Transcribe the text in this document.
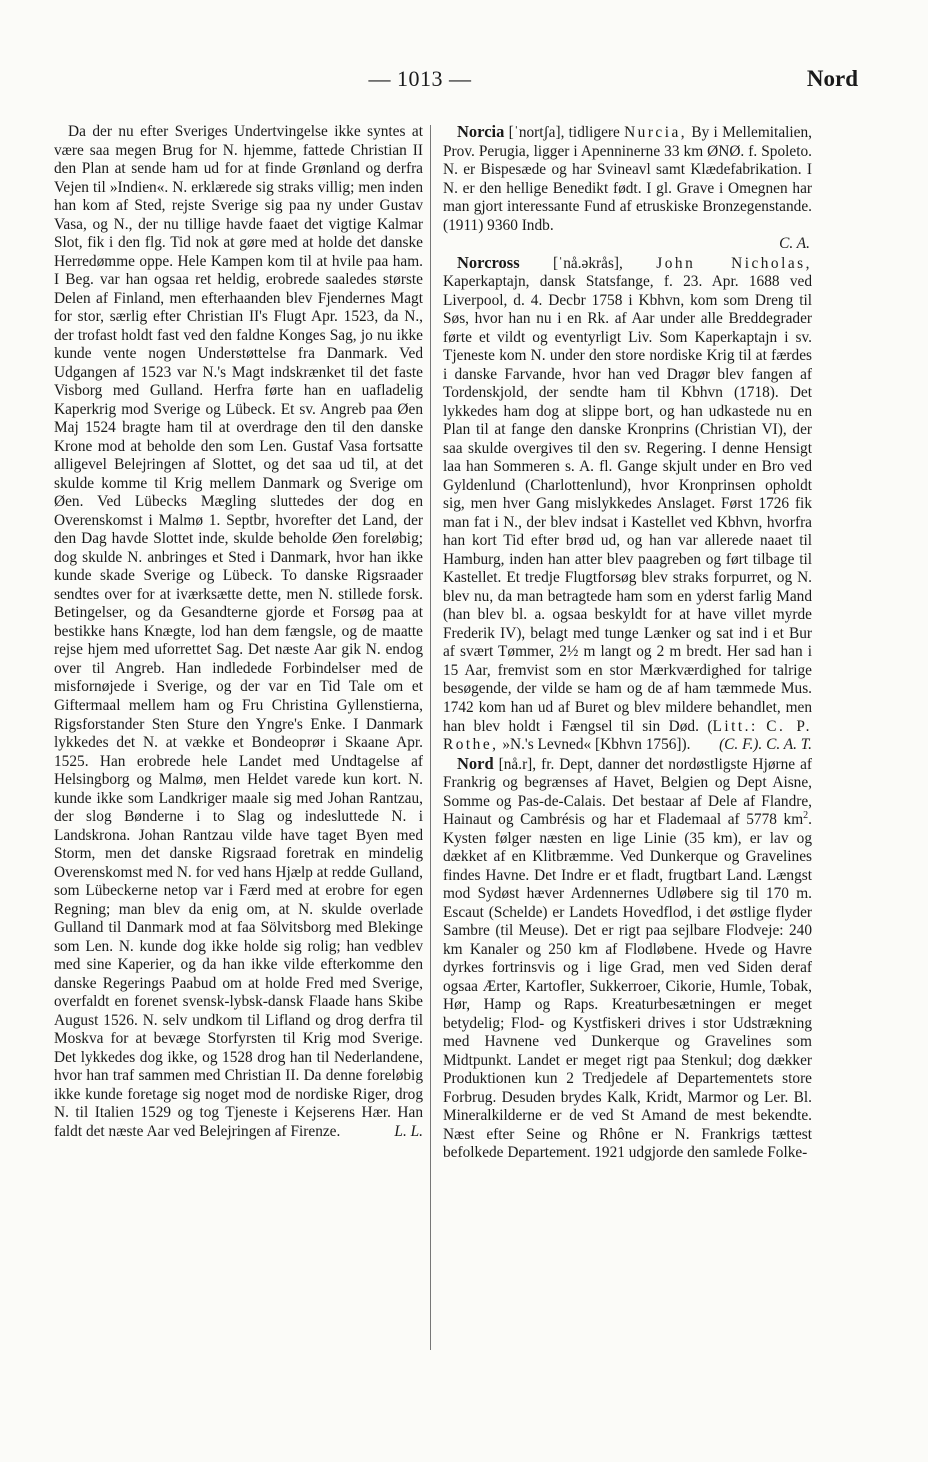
— 1013 —	Nord

Da der nu efter Sveriges Undertvingelse ikke syntes at være saa megen Brug for N. hjemme, fattede Christian II den Plan at sende ham ud for at finde Grønland og derfra Vejen til »Indien«. N. erklærede sig straks villig; men inden han kom af Sted, rejste Sverige sig paa ny under Gustav Vasa, og N., der nu tillige havde faaet det vigtige Kalmar Slot, fik i den flg. Tid nok at gøre med at holde det danske Herredømme oppe. Hele Kampen kom til at hvile paa ham. I Beg. var han ogsaa ret heldig, erobrede saaledes største Delen af Finland, men efterhaanden blev Fjendernes Magt for stor, særlig efter Christian II's Flugt Apr. 1523, da N., der trofast holdt fast ved den faldne Konges Sag, jo nu ikke kunde vente nogen Understøttelse fra Danmark. Ved Udgangen af 1523 var N.'s Magt indskrænket til det faste Visborg med Gulland. Herfra førte han en uafladelig Kaperkrig mod Sverige og Lübeck. Et sv. Angreb paa Øen Maj 1524 bragte ham til at overdrage den til den danske Krone mod at beholde den som Len. Gustaf Vasa fortsatte alligevel Belejringen af Slottet, og det saa ud til, at det skulde komme til Krig mellem Danmark og Sverige om Øen. Ved Lübecks Mægling sluttedes der dog en Overenskomst i Malmø 1. Septbr, hvorefter det Land, der den Dag havde Slottet inde, skulde beholde Øen foreløbig; dog skulde N. anbringes et Sted i Danmark, hvor han ikke kunde skade Sverige og Lübeck. To danske Rigsraader sendtes over for at iværksætte dette, men N. stillede forsk. Betingelser, og da Gesandterne gjorde et Forsøg paa at bestikke hans Knægte, lod han dem fængsle, og de maatte rejse hjem med uforrettet Sag. Det næste Aar gik N. endog over til Angreb. Han indledede Forbindelser med de misfornøjede i Sverige, og der var en Tid Tale om et Giftermaal mellem ham og Fru Christina Gyllenstierna, Rigsforstander Sten Sture den Yngre's Enke. I Danmark lykkedes det N. at vække et Bondeoprør i Skaane Apr. 1525. Han erobrede hele Landet med Undtagelse af Helsingborg og Malmø, men Heldet varede kun kort. N. kunde ikke som Landkriger maale sig med Johan Rantzau, der slog Bønderne i to Slag og indesluttede N. i Landskrona. Johan Rantzau vilde have taget Byen med Storm, men det danske Rigsraad foretrak en mindelig Overenskomst med N. for ved hans Hjælp at redde Gulland, som Lübeckerne netop var i Færd med at erobre for egen Regning; man blev da enig om, at N. skulde overlade Gulland til Danmark mod at faa Sölvitsborg med Blekinge som Len. N. kunde dog ikke holde sig rolig; han vedblev med sine Kaperier, og da han ikke vilde efterkomme den danske Regerings Paabud om at holde Fred med Sverige, overfaldt en forenet svensk-lybsk-dansk Flaade hans Skibe August 1526. N. selv undkom til Lifland og drog derfra til Moskva for at bevæge Storfyrsten til Krig mod Sverige. Det lykkedes dog ikke, og 1528 drog han til Nederlandene, hvor han traf sammen med Christian II. Da denne foreløbig ikke kunde foretage sig noget mod de nordiske Riger, drog N. til Italien 1529 og tog Tjeneste i Kejserens Hær. Han faldt det næste Aar ved Belejringen af Firenze.	L. L.

Norcia [ˈnortʃa], tidligere Nurcia, By i Mellemitalien, Prov. Perugia, ligger i Apenninerne 33 km ØNØ. f. Spoleto. N. er Bispesæde og har Svineavl samt Klædefabrikation. I N. er den hellige Benedikt født. I gl. Grave i Omegnen har man gjort interessante Fund af etruskiske Bronzegenstande. (1911) 9360 Indb.

C. A.

Norcross [ˈnå.əkrås], John Nicholas, Kaperkaptajn, dansk Statsfange, f. 23. Apr. 1688 ved Liverpool, d. 4. Decbr 1758 i Kbhvn, kom som Dreng til Søs, hvor han nu i en Rk. af Aar under alle Breddegrader førte et vildt og eventyrligt Liv. Som Kaperkaptajn i sv. Tjeneste kom N. under den store nordiske Krig til at færdes i danske Farvande, hvor han ved Dragør blev fangen af Tordenskjold, der sendte ham til Kbhvn (1718). Det lykkedes ham dog at slippe bort, og han udkastede nu en Plan til at fange den danske Kronprins (Christian VI), der saa skulde overgives til den sv. Regering. I denne Hensigt laa han Sommeren s. A. fl. Gange skjult under en Bro ved Gyldenlund (Charlottenlund), hvor Kronprinsen opholdt sig, men hver Gang mislykkedes Anslaget. Først 1726 fik man fat i N., der blev indsat i Kastellet ved Kbhvn, hvorfra han kort Tid efter brød ud, og han var allerede naaet til Hamburg, inden han atter blev paagreben og ført tilbage til Kastellet. Et tredje Flugtforsøg blev straks forpurret, og N. blev nu, da man betragtede ham som en yderst farlig Mand (han blev bl. a. ogsaa beskyldt for at have villet myrde Frederik IV), belagt med tunge Lænker og sat ind i et Bur af svært Tømmer, 2½ m langt og 2 m bredt. Her sad han i 15 Aar, fremvist som en stor Mærkværdighed for talrige besøgende, der vilde se ham og de af ham tæmmede Mus. 1742 kom han ud af Buret og blev mildere behandlet, men han blev holdt i Fængsel til sin Død. (Litt.: C. P. Rothe, »N.'s Levned« [Kbhvn 1756]).	(C. F.). C. A. T.

Nord [nå.r], fr. Dept, danner det nordøstligste Hjørne af Frankrig og begrænses af Havet, Belgien og Dept Aisne, Somme og Pas-de-Calais. Det bestaar af Dele af Flandre, Hainaut og Cambrésis og har et Flademaal af 5778 $km^2$. Kysten følger næsten en lige Linie (35 km), er lav og dækket af en Klitbræmme. Ved Dunkerque og Gravelines findes Havne. Det Indre er et fladt, frugtbart Land. Længst mod Sydøst hæver Ardennernes Udløbere sig til 170 m. Escaut (Schelde) er Landets Hovedflod, i det østlige flyder Sambre (til Meuse). Det er rigt paa sejlbare Flodveje: 240 km Kanaler og 250 km af Flodløbene. Hvede og Havre dyrkes fortrinsvis og i lige Grad, men ved Siden deraf ogsaa Ærter, Kartofler, Sukkerroer, Cikorie, Humle, Tobak, Hør, Hamp og Raps. Kreaturbesætningen er meget betydelig; Flod- og Kystfiskeri drives i stor Udstrækning med Havnene ved Dunkerque og Gravelines som Midtpunkt. Landet er meget rigt paa Stenkul; dog dækker Produktionen kun 2 Tredjedele af Departementets store Forbrug. Desuden brydes Kalk, Kridt, Marmor og Ler. Bl. Mineralkilderne er de ved St Amand de mest bekendte. Næst efter Seine og Rhône er N. Frankrigs tættest befolkede Departement. 1921 udgjorde den samlede Folke-
